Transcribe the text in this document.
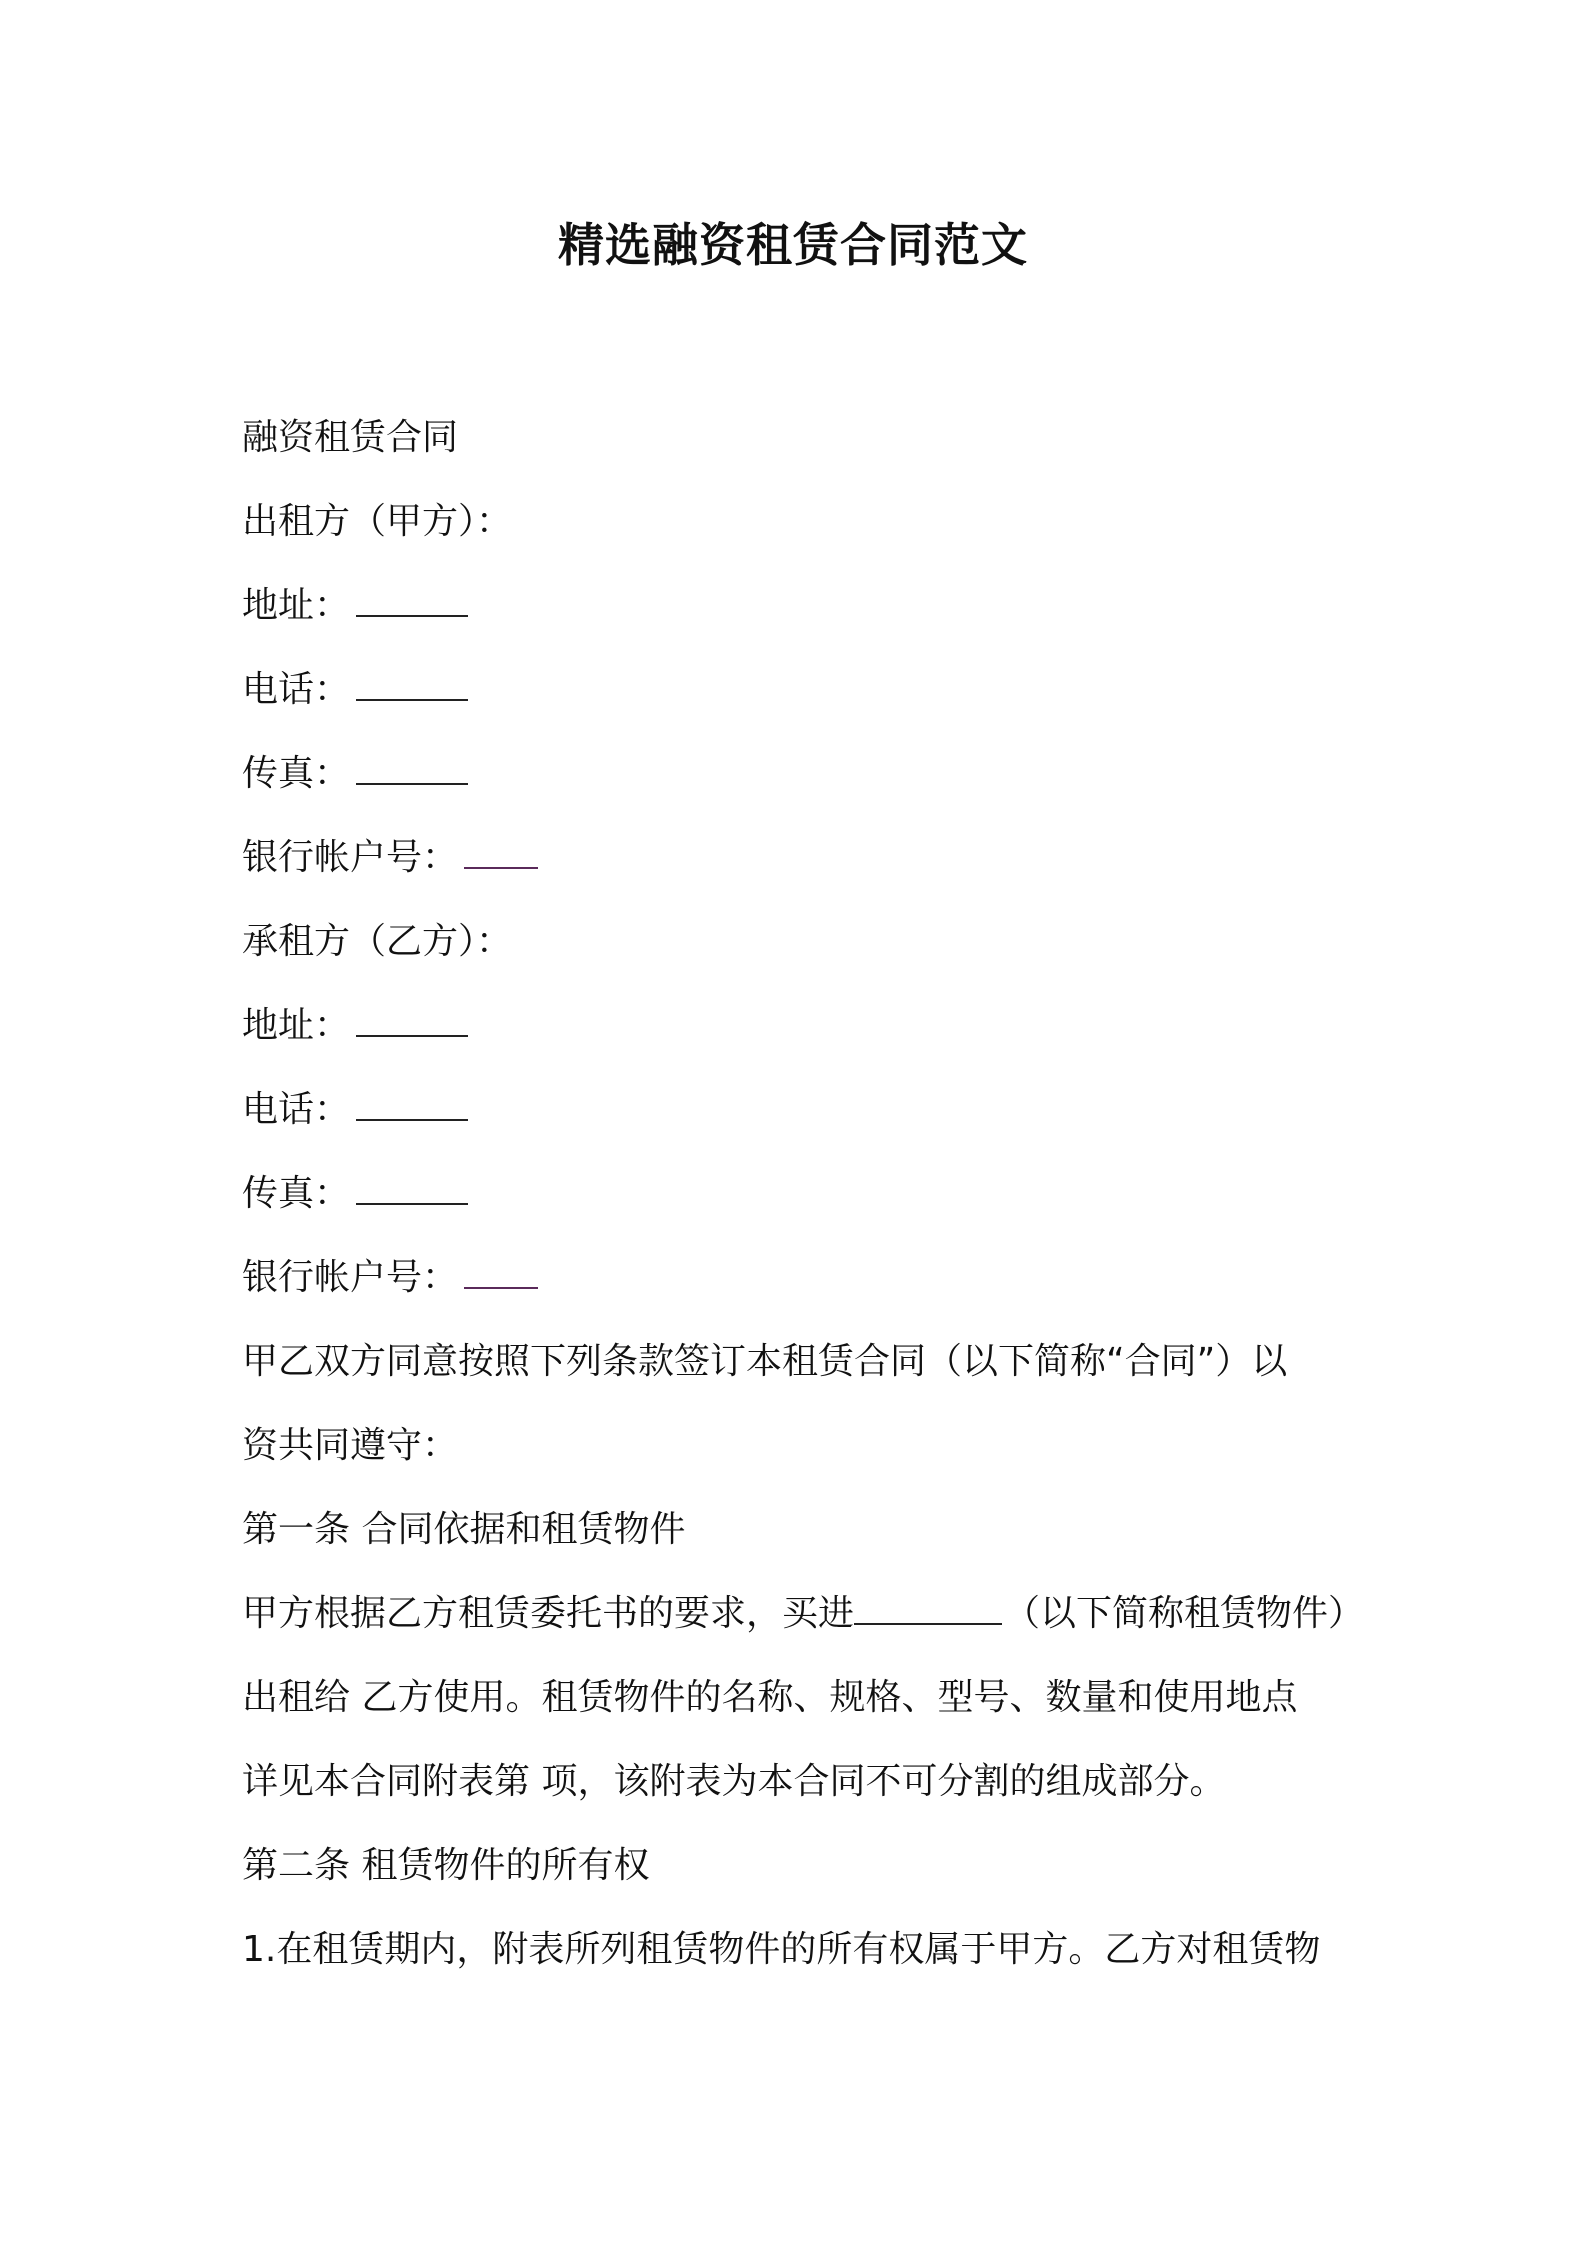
精选融资租赁合同范文
融资租赁合同
出租方（甲方）：
地址：
电话：
传真：
银行帐户号：
承租方（乙方）：
地址：
电话：
传真：
银行帐户号：
甲乙双方同意按照下列条款签订本租赁合同（以下简称“合同”）以
资共同遵守：
第一条 合同依据和租赁物件
甲方根据乙方租赁委托书的要求，买进	（以下简称租赁物件）
出租给 乙方使用。租赁物件的名称、规格、型号、数量和使用地点
详见本合同附表第 项，该附表为本合同不可分割的组成部分。
第二条 租赁物件的所有权
1.在租赁期内，附表所列租赁物件的所有权属于甲方。乙方对租赁物
